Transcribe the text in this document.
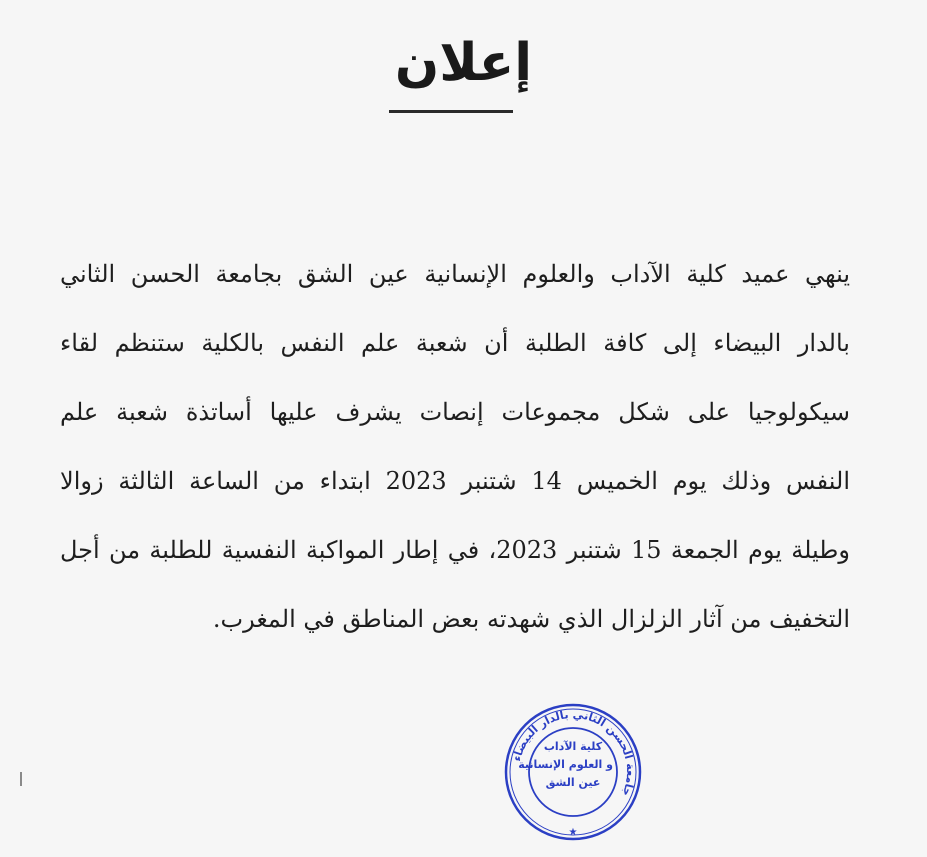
إعلان
ينهي عميد كلية الآداب والعلوم الإنسانية عين الشق بجامعة الحسن الثاني
بالدار البيضاء إلى كافة الطلبة أن شعبة علم النفس بالكلية ستنظم لقاء
سيكولوجيا على شكل مجموعات إنصات يشرف عليها أساتذة شعبة علم
النفس وذلك يوم الخميس 14 شتنبر 2023 ابتداء من الساعة الثالثة زوالا
وطيلة يوم الجمعة 15 شتنبر 2023، في إطار المواكبة النفسية للطلبة من أجل
التخفيف من آثار الزلزال الذي شهدته بعض المناطق في المغرب.
جامعة الحسن الثاني بالدار البيضاء
★
كلية الآداب
و العلوم الإنسانية
عين الشق
